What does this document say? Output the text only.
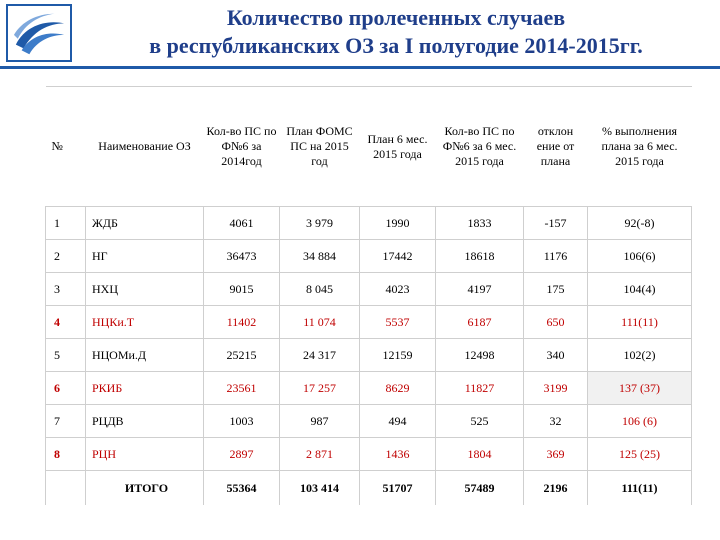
Количество пролеченных случаев
в республиканских ОЗ за I полугодие 2014-2015гг.
№	Наименование ОЗ	Кол-во ПС по Ф№6 за 2014год	План ФОМС ПС на 2015 год	План 6 мес. 2015 года	Кол-во ПС по Ф№6 за 6 мес. 2015 года	отклон ение от плана	% выполнения плана за 6 мес. 2015 года
1	ЖДБ	4061	3 979	1990	1833	-157	92(-8)
2	НГ	36473	34 884	17442	18618	1176	106(6)
3	НХЦ	9015	8 045	4023	4197	175	104(4)
4	НЦКи.Т	11402	11 074	5537	6187	650	111(11)
5	НЦОМи.Д	25215	24 317	12159	12498	340	102(2)
6	РКИБ	23561	17 257	8629	11827	3199	137 (37)
7	РЦДВ	1003	987	494	525	32	106 (6)
8	РЦН	2897	2 871	1436	1804	369	125 (25)
	ИТОГО	55364	103 414	51707	57489	2196	111(11)
